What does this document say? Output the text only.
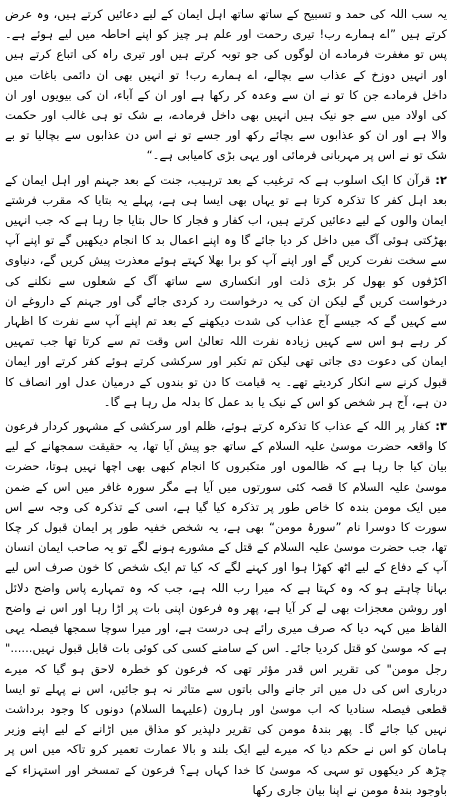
یہ سب اللہ کی حمد و تسبیح کے ساتھ ساتھ اہل ایمان کے لیے دعائیں کرتے ہیں، وہ عرض کرتے ہیں ”اے ہمارے رب! تیری رحمت اور علم ہر چیز کو اپنے احاطہ میں لیے ہوئے ہے۔ پس تو مغفرت فرمادے ان لوگوں کی جو توبہ کرتے ہیں اور تیری راہ کی اتباع کرتے ہیں اور انہیں دوزخ کے عذاب سے بچالے، اے ہمارے رب! تو انہیں بھی ان دائمی باغات میں داخل فرمادے جن کا تو نے ان سے وعدہ کر رکھا ہے اور ان کے آباء، ان کی بیویوں اور ان کی اولاد میں سے جو نیک ہیں انہیں بھی داخل فرمادے، بے شک تو ہی غالب اور حکمت والا ہے اور ان کو عذابوں سے بچائے رکھ اور جسے تو نے اس دن عذابوں سے بچالیا تو بے شک تو نے اس پر مہربانی فرمائی اور یہی بڑی کامیابی ہے۔“

٢: قرآن کا ایک اسلوب ہے کہ ترغیب کے بعد ترہیب، جنت کے بعد جہنم اور اہل ایمان کے بعد اہل کفر کا تذکرہ کرتا ہے تو یہاں بھی ایسا ہی ہے، پہلے یہ بتایا کہ مقرب فرشتے ایمان والوں کے لیے دعائیں کرتے ہیں، اب کفار و فجار کا حال بتایا جا رہا ہے کہ جب انہیں بھڑکتی ہوئی آگ میں داخل کر دیا جائے گا وہ اپنے اعمال بد کا انجام دیکھیں گے تو اپنے آپ سے سخت نفرت کریں گے اور اپنے آپ کو برا بھلا کہتے ہوئے معذرت پیش کریں گے، دنیاوی اکڑفوں کو بھول کر بڑی ذلت اور انکساری سے ساتھ آگ کے شعلوں سے نکلنے کی درخواست کریں گے لیکن ان کی یہ درخواست رد کردی جائے گی اور جہنم کے داروغے ان سے کہیں گے کہ جیسے آج عذاب کی شدت دیکھنے کے بعد تم اپنے آپ سے نفرت کا اظہار کر رہے ہو اس سے کہیں زیادہ نفرت اللہ تعالیٰ اس وقت تم سے کرتا تھا جب تمہیں ایمان کی دعوت دی جاتی تھی لیکن تم تکبر اور سرکشی کرتے ہوئے کفر کرتے اور ایمان قبول کرنے سے انکار کردیتے تھے۔ یہ قیامت کا دن تو بندوں کے درمیان عدل اور انصاف کا دن ہے، آج ہر شخص کو اس کے نیک یا بد عمل کا بدلہ مل رہا ہے گا۔

٣: کفار پر اللہ کے عذاب کا تذکرہ کرتے ہوئے، ظلم اور سرکشی کے مشہور کردار فرعون کا واقعہ حضرت موسیٰ علیہ السلام کے ساتھ جو پیش آیا تھا، یہ حقیقت سمجھانے کے لیے بیان کیا جا رہا ہے کہ ظالموں اور متکبروں کا انجام کبھی بھی اچھا نہیں ہوتا، حضرت موسیٰ علیہ السلام کا قصہ کئی سورتوں میں آیا ہے مگر سورہ غافر میں اس کے ضمن میں ایک مومن بندہ کا خاص طور پر تذکرہ کیا گیا ہے، اسی کے تذکرہ کی وجہ سے اس سورت کا دوسرا نام ”سورۂ مومن“ بھی ہے، یہ شخص خفیہ طور پر ایمان قبول کر چکا تھا، جب حضرت موسیٰ علیہ السلام کے قتل کے مشورے ہونے لگے تو یہ صاحب ایمان انسان آپ کے دفاع کے لیے اٹھ کھڑا ہوا اور کہنے لگے کہ کیا تم ایک شخص کا خون صرف اس لیے بہانا چاہتے ہو کہ وہ کہتا ہے کہ میرا رب اللہ ہے، جب کہ وہ تمہارے پاس واضح دلائل اور روشن معجزات بھی لے کر آیا ہے، پھر وہ فرعون اپنی بات پر اڑا رہا اور اس نے واضح الفاظ میں کہہ دیا کہ صرف میری رائے ہی درست ہے، اور میرا سوچا سمجھا فیصلہ یہی ہے کہ موسیٰ کو قتل کردیا جائے۔ اس کے سامنے کسی کی کوئی بات قابل قبول نہیں......" رجل مومن" کی تقریر اس قدر مؤثر تھی کہ فرعون کو خطرہ لاحق ہو گیا کہ میرے درباری اس کی دل میں اتر جانے والی باتوں سے متاثر نہ ہو جائیں، اس نے پہلے تو ایسا قطعی فیصلہ سنادیا کہ اب موسیٰ اور ہارون (علیہما السلام) دونوں کا وجود برداشت نہیں کیا جائے گا۔ پھر بندۂ مومن کی تقریر دلپذیر کو مذاق میں اڑانے کے لیے اپنے وزیر ہامان کو اس نے حکم دیا کہ میرے لیے ایک بلند و بالا عمارت تعمیر کرو تاکہ میں اس پر چڑھ کر دیکھوں تو سہی کہ موسیٰ کا خدا کہاں ہے؟ فرعون کے تمسخر اور استہزاء کے باوجود بندۂ مومن نے اپنا بیان جاری رکھا
